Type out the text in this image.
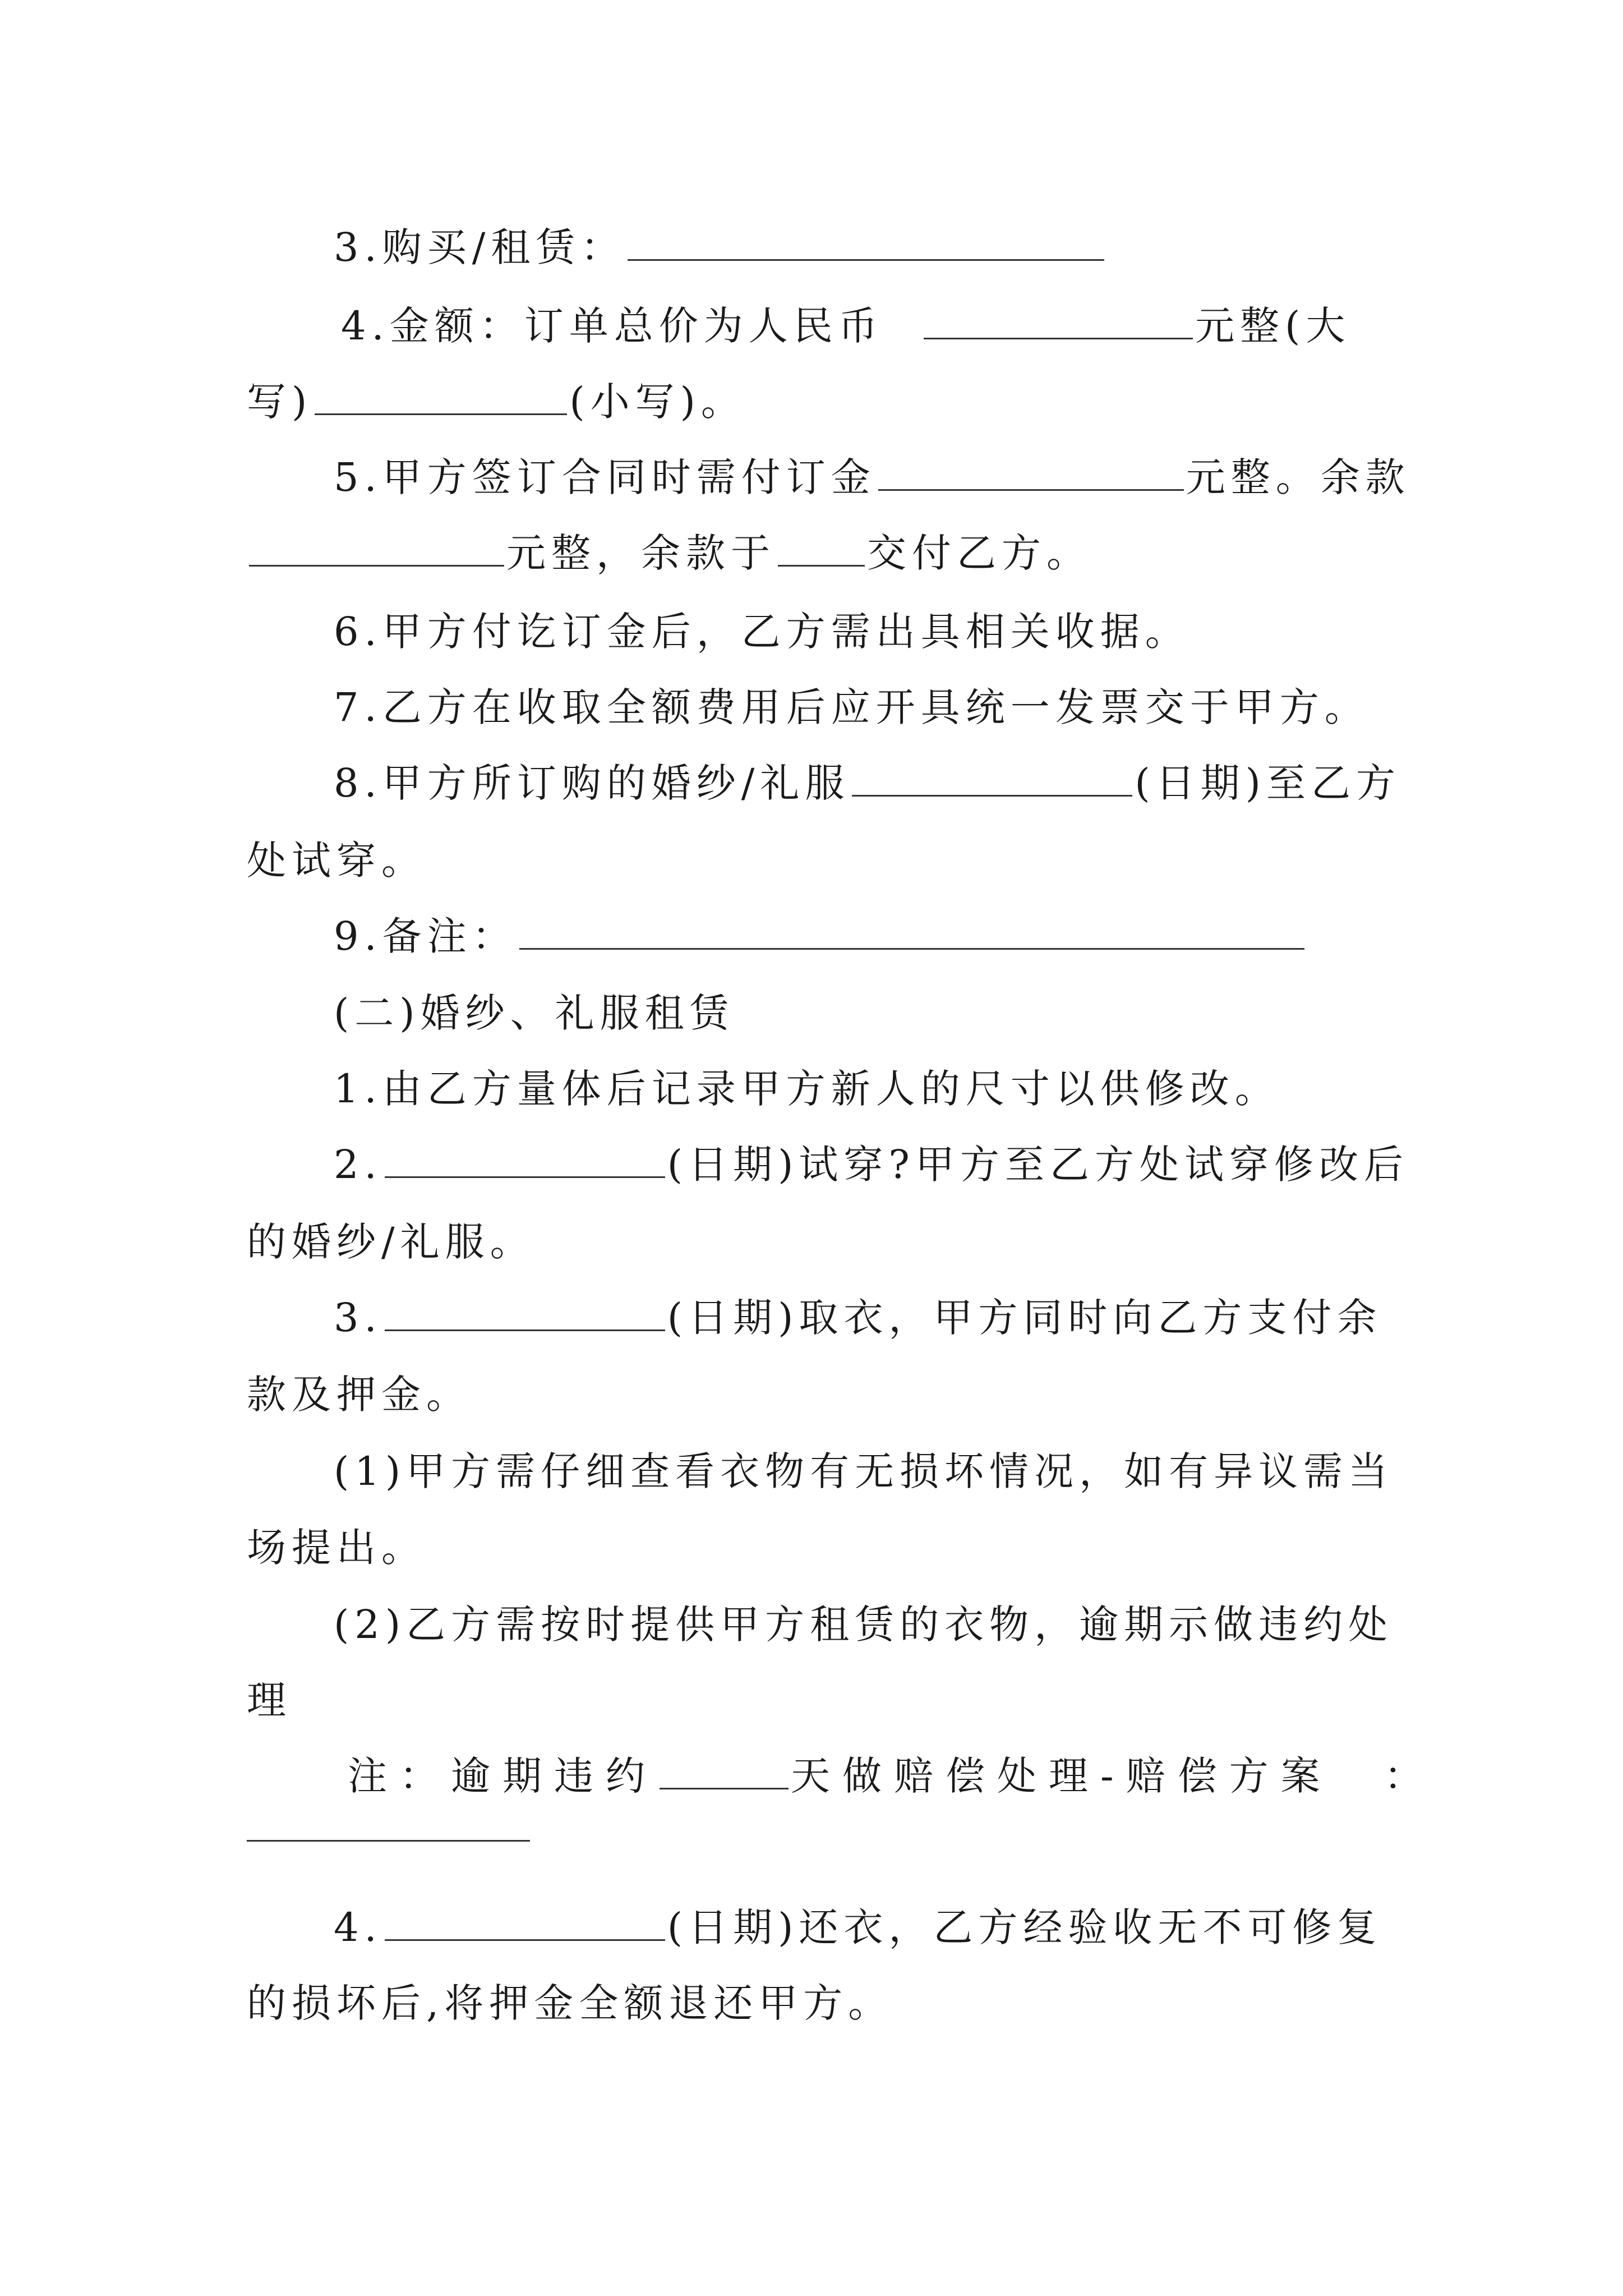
3.购买/租赁：
4.金额：订单总价为人民币	元整(大
写)	(小写)。
5.甲方签订合同时需付订金	元整。余款
元整，余款于 交付乙方。
6.甲方付讫订金后，乙方需出具相关收据。
7.乙方在收取全额费用后应开具统一发票交于甲方。
8.甲方所订购的婚纱/礼服	(日期)至乙方
处试穿。
9.备注：
(二)婚纱、礼服租赁
1.由乙方量体后记录甲方新人的尺寸以供修改。
2.	(日期)试穿?甲方至乙方处试穿修改后
的婚纱/礼服。
3.	(日期)取衣，甲方同时向乙方支付余
款及押金。
(1)甲方需仔细查看衣物有无损坏情况，如有异议需当
场提出。
(2)乙方需按时提供甲方租赁的衣物，逾期示做违约处
理
注：逾期违约	天做赔偿处理-赔偿方案　：
4.	(日期)还衣，乙方经验收无不可修复
的损坏后,将押金全额退还甲方。
